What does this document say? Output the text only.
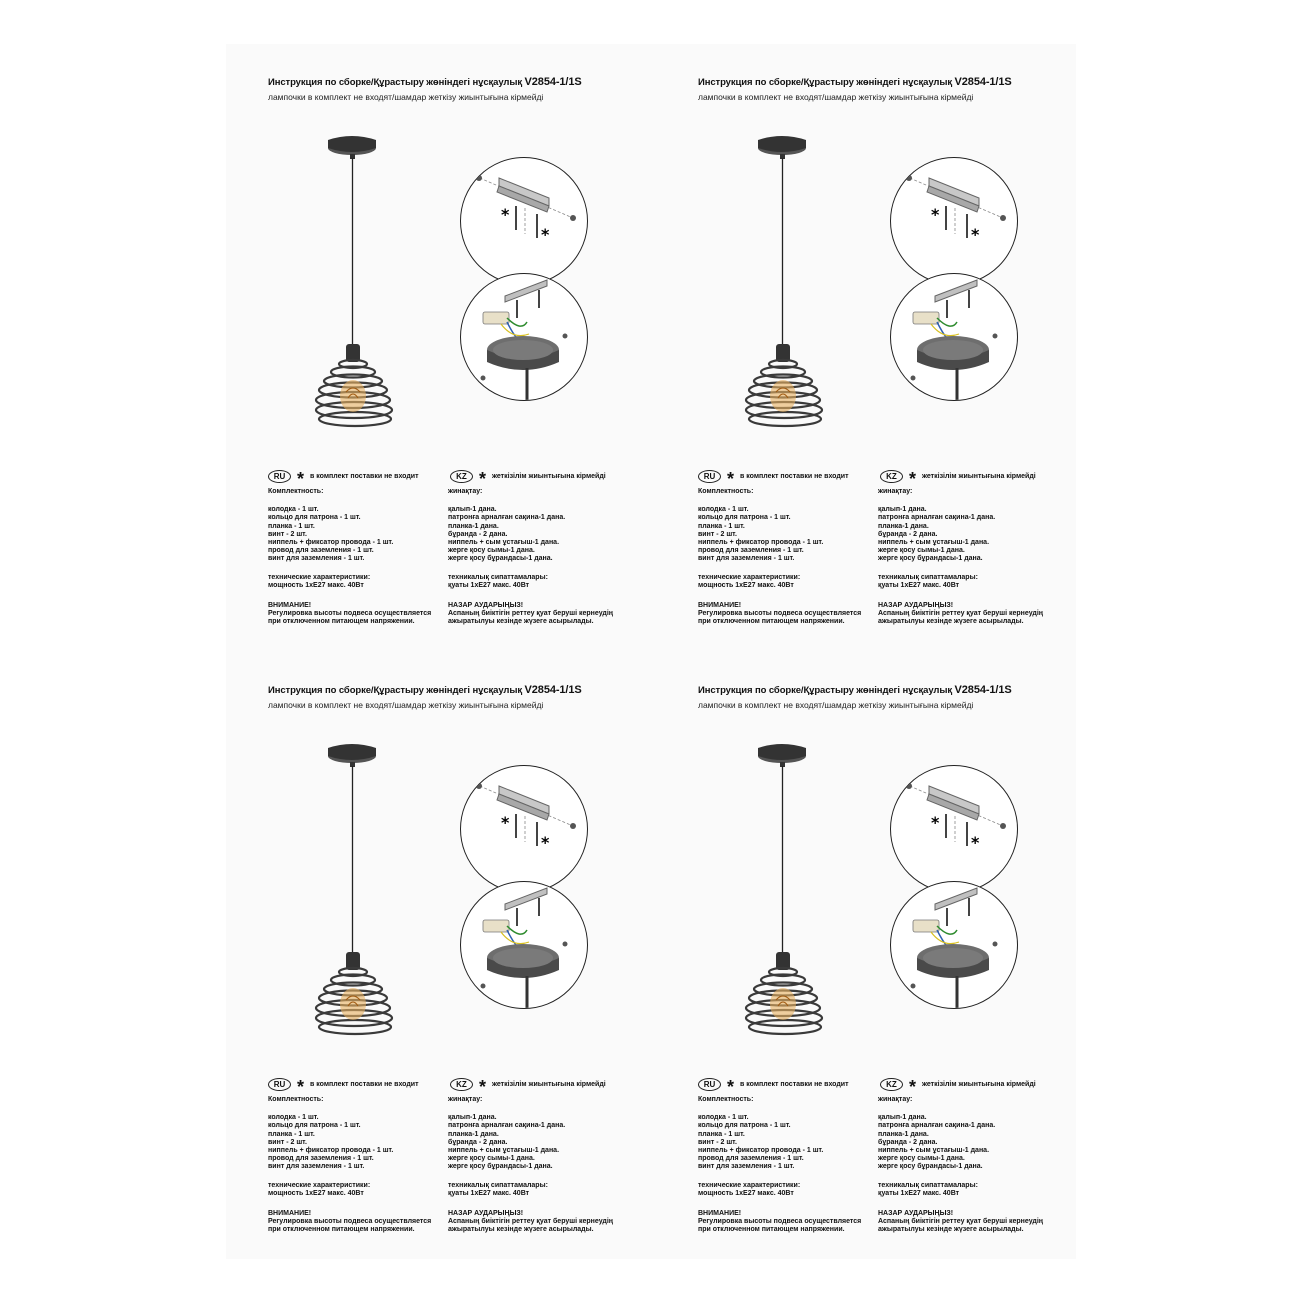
Инструкция по сборке/Құрастыру жөніндегі нұсқаулық V2854-1/1S
лампочки в комплект не входят/шамдар жеткізу жиынтығына кірмейді
*
*
RU * в комплект поставки не входит	KZ * жеткізілім жиынтығына кірмейді
Комплектность:
колодка - 1 шт.
кольцо для патрона - 1 шт.
планка - 1 шт.
винт - 2 шт.
ниппель + фиксатор провода - 1 шт.
провод для заземления - 1 шт.
винт для заземления - 1 шт.
технические характеристики:
мощность 1xE27 макс. 40Вт
ВНИМАНИЕ!
Регулировка высоты подвеса осуществляется
при отключенном питающем напряжении.
жинақтау:
қалып-1 дана.
патронға арналған сақина-1 дана.
планка-1 дана.
бұранда - 2 дана.
ниппель + сым ұстағыш-1 дана.
жерге қосу сымы-1 дана.
жерге қосу бұрандасы-1 дана.
техникалық сипаттамалары:
қуаты 1хE27 макс. 40Вт
НАЗАР АУДАРЫҢЫЗ!
Аспаның биіктігін реттеу қуат беруші кернеудің
ажыратылуы кезінде жүзеге асырылады.
Инструкция по сборке/Құрастыру жөніндегі нұсқаулық V2854-1/1S
лампочки в комплект не входят/шамдар жеткізу жиынтығына кірмейді
*
*
RU * в комплект поставки не входит	KZ * жеткізілім жиынтығына кірмейді
Комплектность:
колодка - 1 шт.
кольцо для патрона - 1 шт.
планка - 1 шт.
винт - 2 шт.
ниппель + фиксатор провода - 1 шт.
провод для заземления - 1 шт.
винт для заземления - 1 шт.
технические характеристики:
мощность 1xE27 макс. 40Вт
ВНИМАНИЕ!
Регулировка высоты подвеса осуществляется
при отключенном питающем напряжении.
жинақтау:
қалып-1 дана.
патронға арналған сақина-1 дана.
планка-1 дана.
бұранда - 2 дана.
ниппель + сым ұстағыш-1 дана.
жерге қосу сымы-1 дана.
жерге қосу бұрандасы-1 дана.
техникалық сипаттамалары:
қуаты 1хE27 макс. 40Вт
НАЗАР АУДАРЫҢЫЗ!
Аспаның биіктігін реттеу қуат беруші кернеудің
ажыратылуы кезінде жүзеге асырылады.
Инструкция по сборке/Құрастыру жөніндегі нұсқаулық V2854-1/1S
лампочки в комплект не входят/шамдар жеткізу жиынтығына кірмейді
*
*
RU * в комплект поставки не входит	KZ * жеткізілім жиынтығына кірмейді
Комплектность:
колодка - 1 шт.
кольцо для патрона - 1 шт.
планка - 1 шт.
винт - 2 шт.
ниппель + фиксатор провода - 1 шт.
провод для заземления - 1 шт.
винт для заземления - 1 шт.
технические характеристики:
мощность 1xE27 макс. 40Вт
ВНИМАНИЕ!
Регулировка высоты подвеса осуществляется
при отключенном питающем напряжении.
жинақтау:
қалып-1 дана.
патронға арналған сақина-1 дана.
планка-1 дана.
бұранда - 2 дана.
ниппель + сым ұстағыш-1 дана.
жерге қосу сымы-1 дана.
жерге қосу бұрандасы-1 дана.
техникалық сипаттамалары:
қуаты 1хE27 макс. 40Вт
НАЗАР АУДАРЫҢЫЗ!
Аспаның биіктігін реттеу қуат беруші кернеудің
ажыратылуы кезінде жүзеге асырылады.
Инструкция по сборке/Құрастыру жөніндегі нұсқаулық V2854-1/1S
лампочки в комплект не входят/шамдар жеткізу жиынтығына кірмейді
*
*
RU * в комплект поставки не входит	KZ * жеткізілім жиынтығына кірмейді
Комплектность:
колодка - 1 шт.
кольцо для патрона - 1 шт.
планка - 1 шт.
винт - 2 шт.
ниппель + фиксатор провода - 1 шт.
провод для заземления - 1 шт.
винт для заземления - 1 шт.
технические характеристики:
мощность 1xE27 макс. 40Вт
ВНИМАНИЕ!
Регулировка высоты подвеса осуществляется
при отключенном питающем напряжении.
жинақтау:
қалып-1 дана.
патронға арналған сақина-1 дана.
планка-1 дана.
бұранда - 2 дана.
ниппель + сым ұстағыш-1 дана.
жерге қосу сымы-1 дана.
жерге қосу бұрандасы-1 дана.
техникалық сипаттамалары:
қуаты 1хE27 макс. 40Вт
НАЗАР АУДАРЫҢЫЗ!
Аспаның биіктігін реттеу қуат беруші кернеудің
ажыратылуы кезінде жүзеге асырылады.
